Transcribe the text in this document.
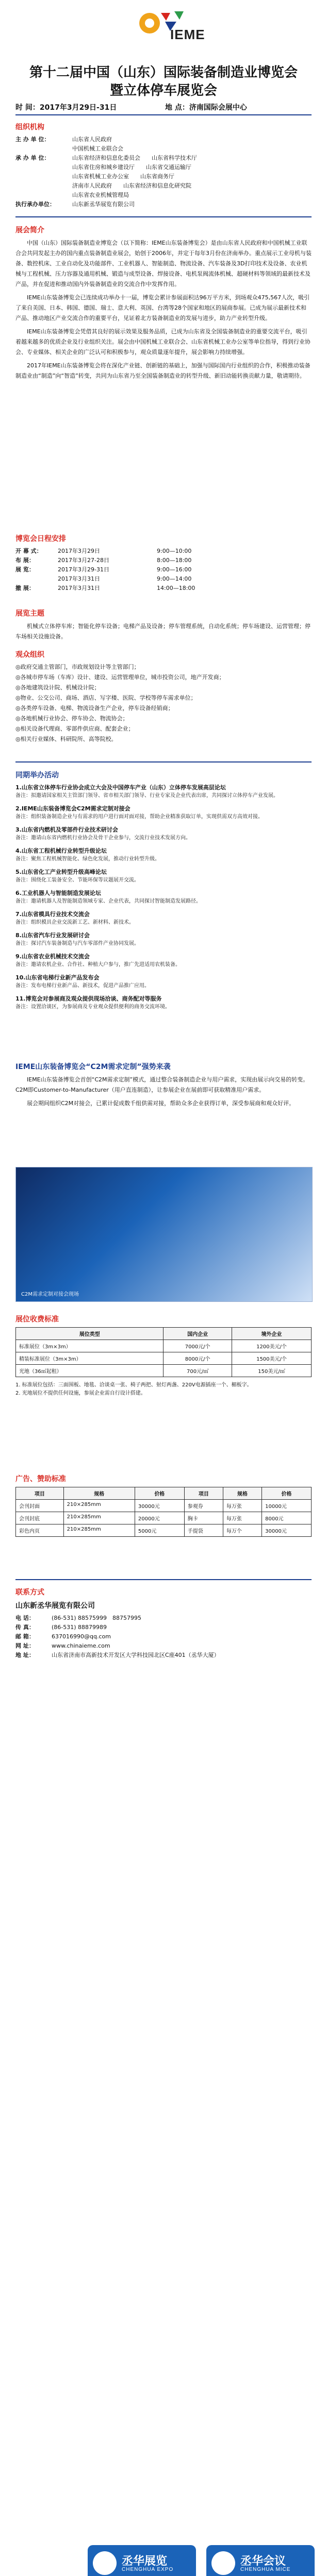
IEME
第十二届中国（山东）国际装备制造业博览会
暨立体停车展览会
时 间：2017年3月29日-31日	地 点：济南国际会展中心
组织机构
主 办 单 位：	山东省人民政府
中国机械工业联合会
承 办 单 位：	山东省经济和信息化委员会　　山东省科学技术厅
山东省住房和城乡建设厅　　山东省交通运输厅
山东省机械工业办公室　　山东省商务厅
济南市人民政府　　山东省经济和信息化研究院
山东省农业机械管理局
执行承办单位：	山东新丞华展览有限公司
展会简介

中国（山东）国际装备制造业博览会（以下简称：IEME山东装备博览会）是由山东省人民政府和中国机械工业联合会共同发起主办的国内重点装备制造业展会，始创于2006年，并定于每年3月份在济南举办。重点展示工业母机与装备、数控机床、工业自动化及功能部件、工业机器人、智能制造、物流设备、汽车装备及3D打印技术及设备、农业机械与工程机械、压力容器及通用机械、锻造与成型设备、焊接设备、电机泵阀流体机械、超硬材料等领域的最新技术及产品，并在促进和推动国内外装备制造业的交流合作中发挥作用。

IEME山东装备博览会已连续成功举办十一届，博览会累计参展面积达96万平方米，到场观众475,567人次，吸引了来自美国、日本、韩国、德国、瑞士、意大利、英国、台湾等28个国家和地区的展商参展。已成为展示最新技术和产品、推动地区产业交流合作的重要平台，见证着北方装备制造业的发展与进步，助力产业转型升级。

IEME山东装备博览会凭借其良好的展示效果及服务品质，已成为山东省及全国装备制造业的重要交流平台，吸引着越来越多的优质企业及行业组织关注。展会由中国机械工业联合会、山东省机械工业办公室等单位指导，得到行业协会、专业媒体、相关企业的广泛认可和积极参与，观众质量逐年提升，展会影响力持续增强。

2017年IEME山东装备博览会将在深化产业链、创新链的基础上，加强与国际国内行业组织的合作，积极推动装备制造业由“制造”向“智造”转变，共同为山东省乃至全国装备制造业的转型升级、新旧动能转换贡献力量，敬请期待。

博览会日程安排
开 幕 式：	2017年3月29日	9:00—10:00
布 展：	2017年3月27-28日	8:00—18:00
展 览：	2017年3月29-31日	9:00—16:00
2017年3月31日	9:00—14:00
撤 展：	2017年3月31日	14:00—18:00
展览主题

机械式立体停车库；智能化停车设备；电梯产品及设备；停车管理系统，自动化系统；停车场建设、运营管理；停车场相关设施设备。

观众组织
◎政府交通主管部门，市政规划设计等主管部门；
◎各城市停车场（车库）设计、建设、运营管理单位，城市投资公司，地产开发商；
◎各地建筑设计院、机械设计院；
◎物业、公交公司、商场、酒店、写字楼、医院、学校等停车需求单位；
◎各类停车设备、电梯、物流设备生产企业，停车设备经销商；
◎各地机械行业协会、停车协会、物流协会；
◎相关设备代理商、零部件供应商、配套企业；
◎相关行业媒体、科研院所、高等院校。
同期举办活动

1.山东省立体停车行业协会成立大会及中国停车产业（山东）立体停车发展高层论坛

备注：拟邀请国家相关主管部门领导、省市相关部门领导、行业专家及企业代表出席，共同探讨立体停车产业发展。

2.IEME山东装备博览会C2M需求定制对接会

备注：组织装备制造企业与有需求的用户进行面对面对接，帮助企业精准获取订单，实现供需双方高效对接。

3.山东省内燃机及零部件行业技术研讨会

备注：邀请山东省内燃机行业协会及骨干企业参与，交流行业技术发展方向。

4.山东省工程机械行业转型升级论坛

备注：聚焦工程机械智能化、绿色化发展，推动行业转型升级。

5.山东省化工产业转型升级高峰论坛

备注：围绕化工装备安全、节能环保等议题展开交流。

6.工业机器人与智能制造发展论坛

备注：邀请机器人及智能制造领域专家、企业代表，共同探讨智能制造发展路径。

7.山东省模具行业技术交流会

备注：组织模具企业交流新工艺、新材料、新技术。

8.山东省汽车行业发展研讨会

备注：探讨汽车装备制造与汽车零部件产业协同发展。

9.山东省农业机械技术交流会

备注：邀请农机企业、合作社、种植大户参与，推广先进适用农机装备。

10.山东省电梯行业新产品发布会

备注：发布电梯行业新产品、新技术，促进产品推广应用。

11.博览会对参展商及观众提供现场洽谈、商务配对等服务

备注：设置洽谈区，为参展商及专业观众提供便利的商务交流环境。

IEME山东装备博览会“C2M需求定制”强势来袭

IEME山东装备博览会首创“C2M需求定制”模式，通过整合装备制造企业与用户需求，实现由展示向交易的转变。C2M即Customer-to-Manufacturer（用户直连制造），让参展企业在展前即可获取精准用户需求。

展会期间组织C2M对接会，已累计促成数千组供需对接，帮助众多企业获得订单，深受参展商和观众好评。

C2M需求定制对接会现场
展位收费标准
展位类型	国内企业	境外企业
标准展位（3m×3m）	7000元/个	1200美元/个
精装标准展位（3m×3m）	8000元/个	1500美元/个
光地（36㎡起租）	700元/㎡	150美元/㎡
1. 标准展位包括：三面围板、地毯、洽谈桌一张、椅子两把、射灯两盏、220V电源插座一个、楣板字。
2. 光地展位不提供任何设施，参展企业需自行设计搭建。
广告、赞助标准
项目	规格	价格	项目	规格	价格
会刊封面	210×285mm	30000元	参观券	每万张	10000元
会刊封底	210×285mm	20000元	胸卡	每万张	8000元
彩色内页	210×285mm	5000元	手提袋	每万个	30000元
联系方式
山东新丞华展览有限公司
电 话：	(86-531) 88575999　88757995
传 真：	(86-531) 88879989
邮 箱：	637016990@qq.com
网 址：	www.chinaieme.com
地 址：	山东省济南市高新技术开发区大学科技园北区C座401（丞华大厦）
丞华展览
CHENGHUA EXPO
丞华会议
CHENGHUA MICE
